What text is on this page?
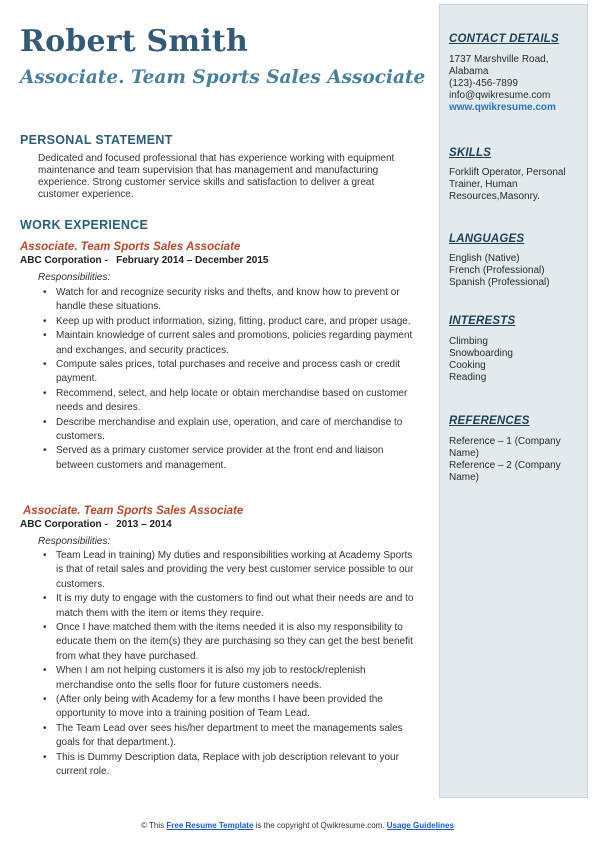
Robert Smith
Associate. Team Sports Sales Associate
PERSONAL STATEMENT

Dedicated and focused professional that has experience working with equipment maintenance and team supervision that has management and manufacturing experience. Strong customer service skills and satisfaction to deliver a great customer experience.

WORK EXPERIENCE
Associate. Team Sports Sales Associate
ABC Corporation - February 2014 – December 2015
Responsibilities:
• Watch for and recognize security risks and thefts, and know how to prevent or handle these situations.
• Keep up with product information, sizing, fitting, product care, and proper usage.
• Maintain knowledge of current sales and promotions, policies regarding payment and exchanges, and security practices.
• Compute sales prices, total purchases and receive and process cash or credit payment.
• Recommend, select, and help locate or obtain merchandise based on customer needs and desires.
• Describe merchandise and explain use, operation, and care of merchandise to customers.
• Served as a primary customer service provider at the front end and liaison between customers and management.
Associate. Team Sports Sales Associate
ABC Corporation - 2013 – 2014
Responsibilities:
• Team Lead in training) My duties and responsibilities working at Academy Sports is that of retail sales and providing the very best customer service possible to our customers.
• It is my duty to engage with the customers to find out what their needs are and to match them with the item or items they require.
• Once I have matched them with the items needed it is also my responsibility to educate them on the item(s) they are purchasing so they can get the best benefit from what they have purchased.
• When I am not helping customers it is also my job to restock/replenish merchandise onto the sells floor for future customers needs.
• (After only being with Academy for a few months I have been provided the opportunity to move into a training position of Team Lead.
• The Team Lead over sees his/her department to meet the managements sales goals for that department.).
• This is Dummy Description data, Replace with job description relevant to your current role.
CONTACT DETAILS
1737 Marshville Road, Alabama
(123)-456-7899
info@qwikresume.com
www.qwikresume.com
SKILLS

Forklift Operator, Personal Trainer, Human Resources,Masonry.

LANGUAGES
English (Native)
French (Professional)
Spanish (Professional)
INTERESTS
Climbing
Snowboarding
Cooking
Reading
REFERENCES
Reference – 1 (Company Name)
Reference – 2 (Company Name)
© This Free Resume Template is the copyright of Qwikresume.com. Usage Guidelines
